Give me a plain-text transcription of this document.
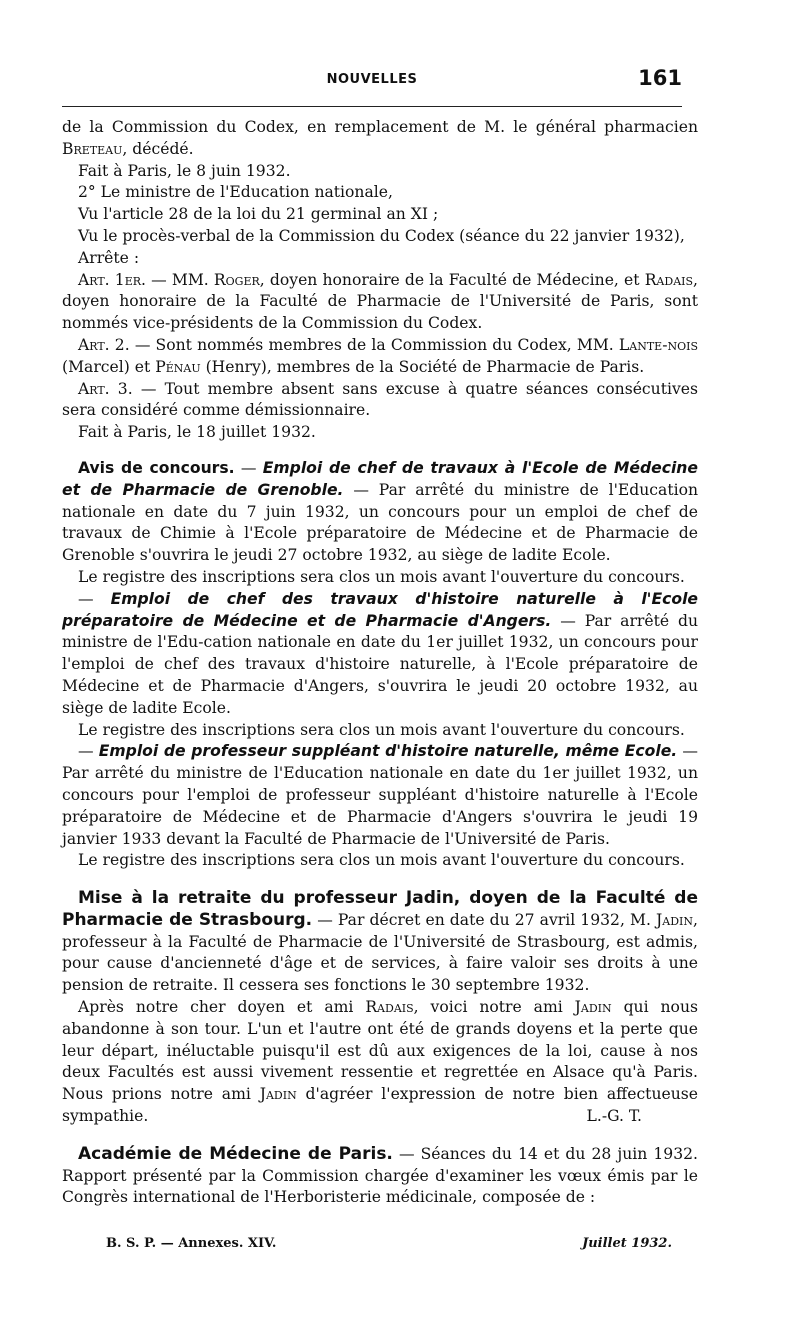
NOUVELLES	161

de la Commission du Codex, en remplacement de M. le général pharmacien Breteau, décédé.

Fait à Paris, le 8 juin 1932.

2° Le ministre de l'Education nationale,

Vu l'article 28 de la loi du 21 germinal an XI ;

Vu le procès-verbal de la Commission du Codex (séance du 22 janvier 1932),

Arrête :

Art. 1er. — MM. Roger, doyen honoraire de la Faculté de Médecine, et Radais, doyen honoraire de la Faculté de Pharmacie de l'Université de Paris, sont nommés vice-présidents de la Commission du Codex.

Art. 2. — Sont nommés membres de la Commission du Codex, MM. Lante-nois (Marcel) et Pénau (Henry), membres de la Société de Pharmacie de Paris.

Art. 3. — Tout membre absent sans excuse à quatre séances consécutives sera considéré comme démissionnaire.

Fait à Paris, le 18 juillet 1932.

Avis de concours. — Emploi de chef de travaux à l'Ecole de Médecine et de Pharmacie de Grenoble. — Par arrêté du ministre de l'Education nationale en date du 7 juin 1932, un concours pour un emploi de chef de travaux de Chimie à l'Ecole préparatoire de Médecine et de Pharmacie de Grenoble s'ouvrira le jeudi 27 octobre 1932, au siège de ladite Ecole.

Le registre des inscriptions sera clos un mois avant l'ouverture du concours.

— Emploi de chef des travaux d'histoire naturelle à l'Ecole préparatoire de Médecine et de Pharmacie d'Angers. — Par arrêté du ministre de l'Edu-cation nationale en date du 1er juillet 1932, un concours pour l'emploi de chef des travaux d'histoire naturelle, à l'Ecole préparatoire de Médecine et de Pharmacie d'Angers, s'ouvrira le jeudi 20 octobre 1932, au siège de ladite Ecole.

Le registre des inscriptions sera clos un mois avant l'ouverture du concours.

— Emploi de professeur suppléant d'histoire naturelle, même Ecole. — Par arrêté du ministre de l'Education nationale en date du 1er juillet 1932, un concours pour l'emploi de professeur suppléant d'histoire naturelle à l'Ecole préparatoire de Médecine et de Pharmacie d'Angers s'ouvrira le jeudi 19 janvier 1933 devant la Faculté de Pharmacie de l'Université de Paris.

Le registre des inscriptions sera clos un mois avant l'ouverture du concours.

Mise à la retraite du professeur Jadin, doyen de la Faculté de Pharmacie de Strasbourg. — Par décret en date du 27 avril 1932, M. Jadin, professeur à la Faculté de Pharmacie de l'Université de Strasbourg, est admis, pour cause d'ancienneté d'âge et de services, à faire valoir ses droits à une pension de retraite. Il cessera ses fonctions le 30 septembre 1932.

Après notre cher doyen et ami Radais, voici notre ami Jadin qui nous abandonne à son tour. L'un et l'autre ont été de grands doyens et la perte que leur départ, inéluctable puisqu'il est dû aux exigences de la loi, cause à nos deux Facultés est aussi vivement ressentie et regrettée en Alsace qu'à Paris. Nous prions notre ami Jadin d'agréer l'expression de notre bien affectueuse sympathie.	L.-G. T.

Académie de Médecine de Paris. — Séances du 14 et du 28 juin 1932. Rapport présenté par la Commission chargée d'examiner les vœux émis par le Congrès international de l'Herboristerie médicinale, composée de :

B. S. P. — Annexes. XIV.	Juillet 1932.
